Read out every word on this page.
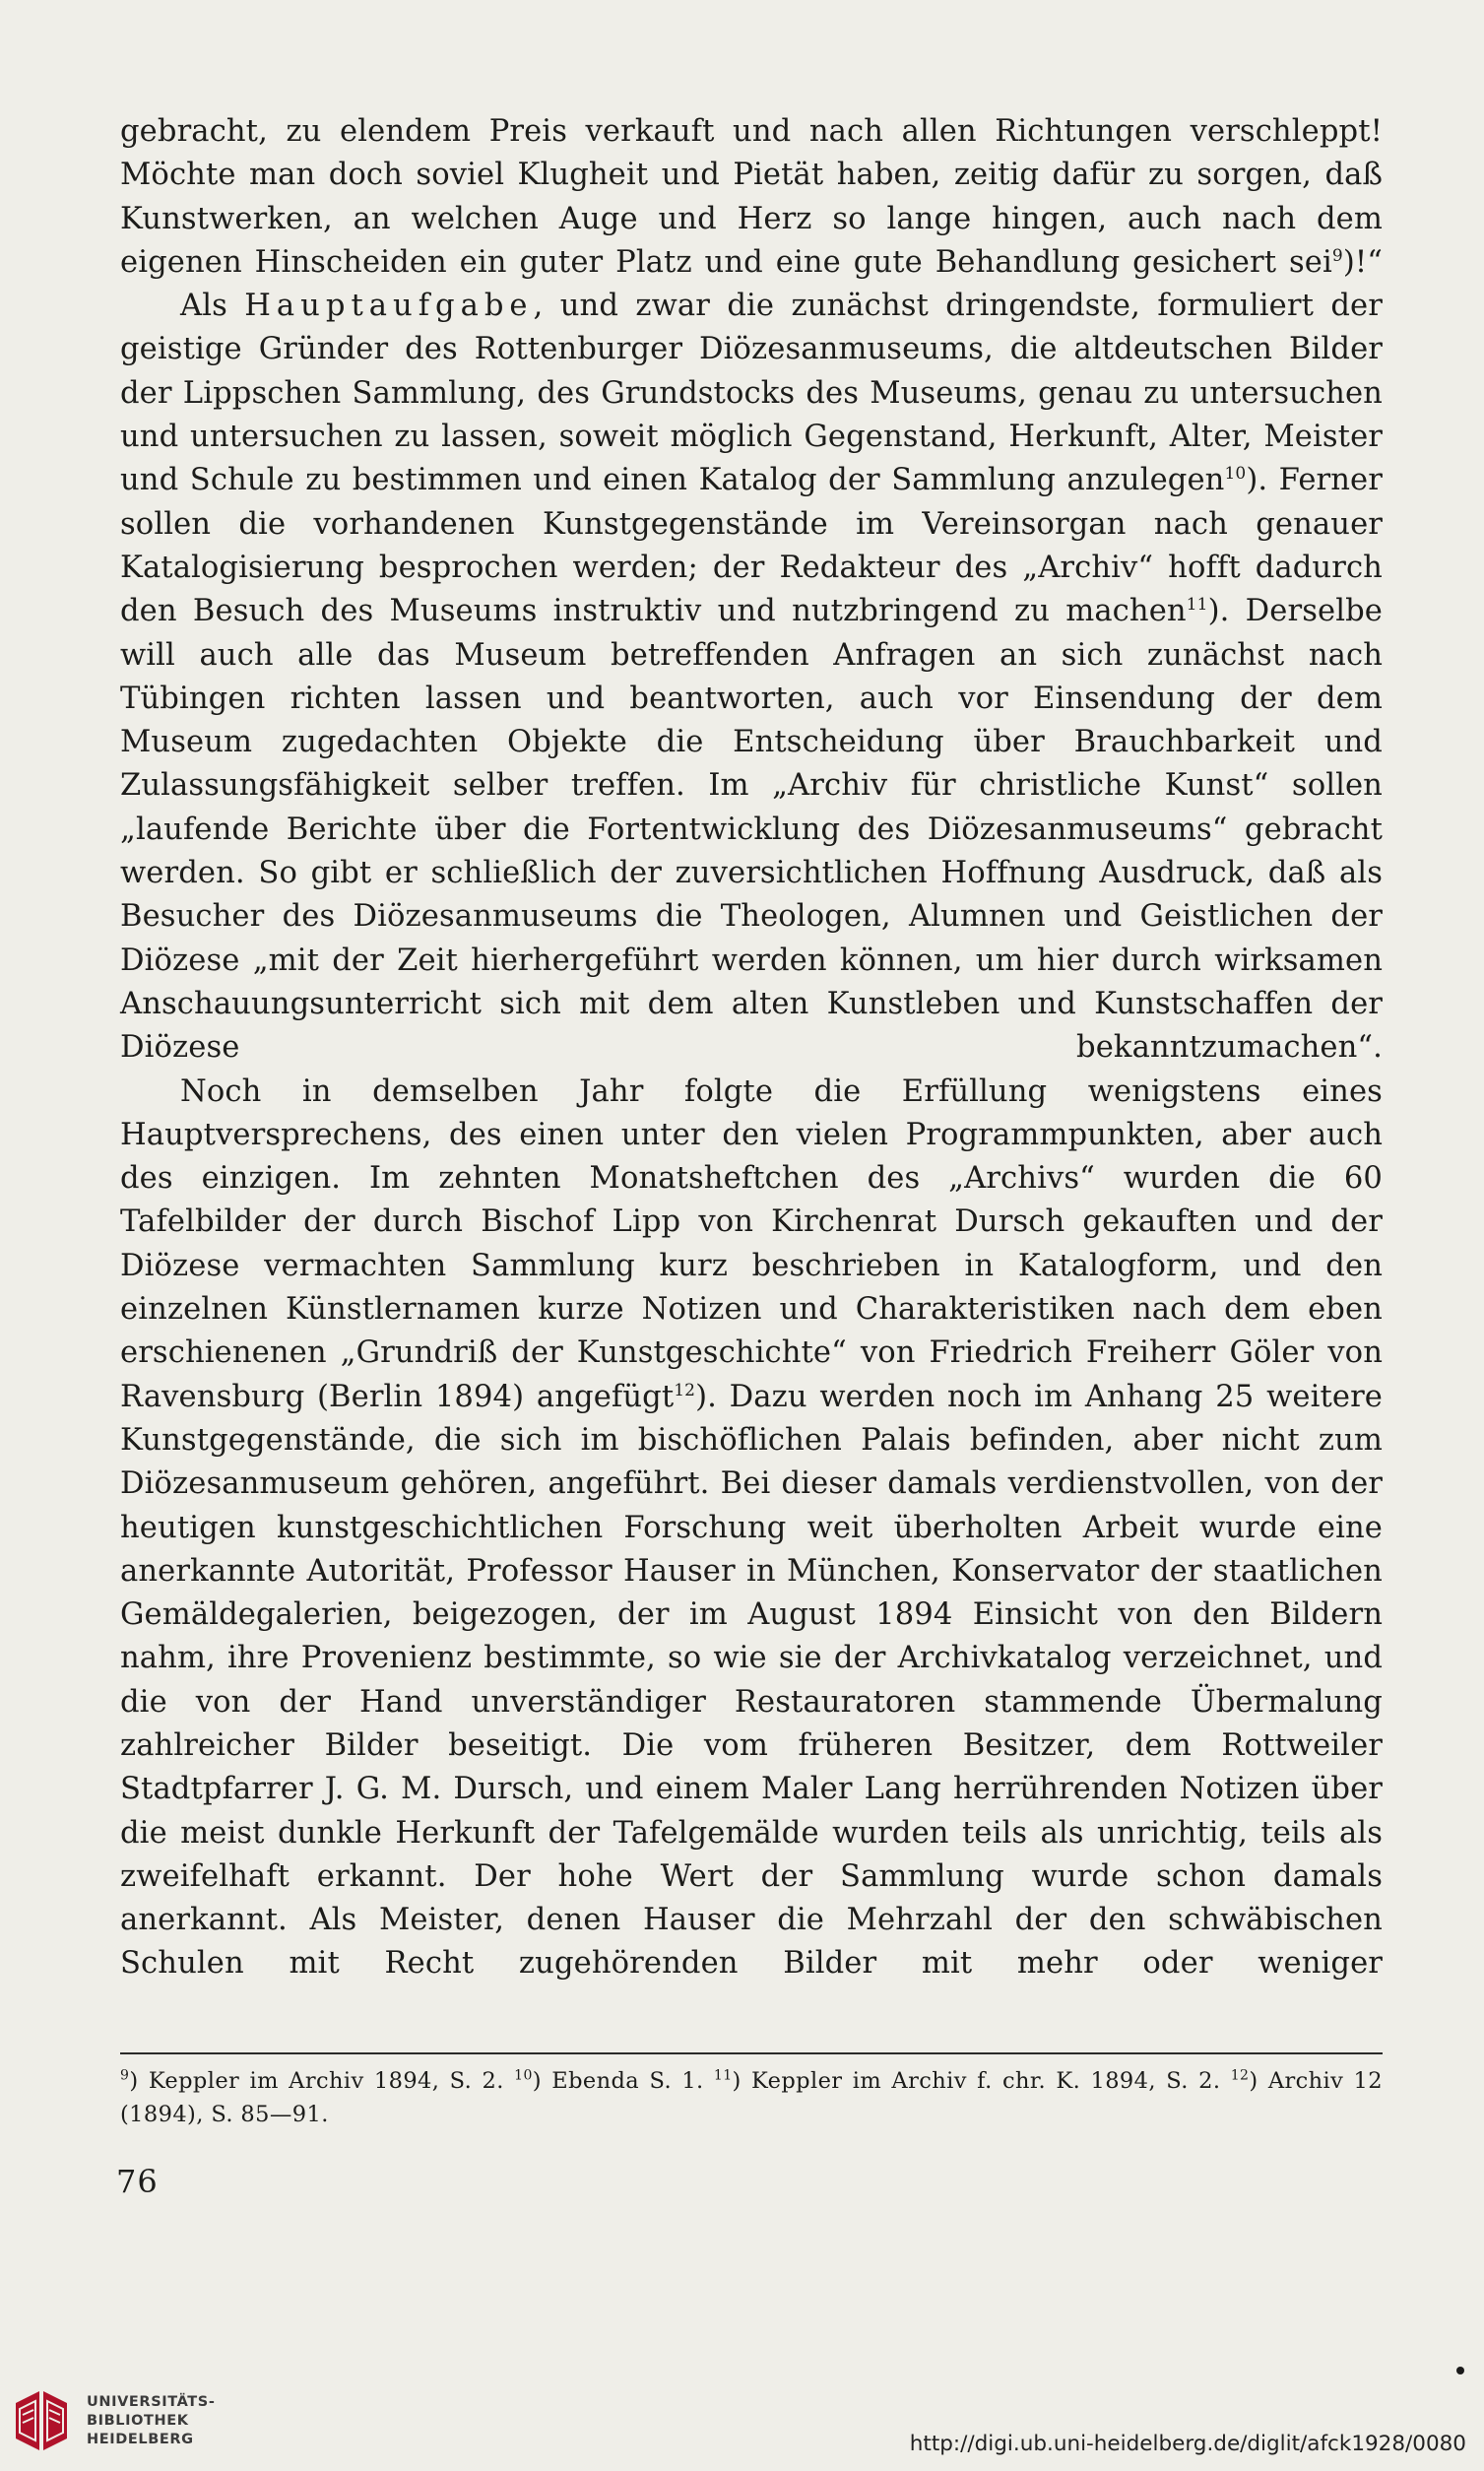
gebracht, zu elendem Preis verkauft und nach allen Richtungen verschleppt! Möchte man doch soviel Klugheit und Pietät haben, zeitig dafür zu sorgen, daß Kunstwerken, an welchen Auge und Herz so lange hingen, auch nach dem eigenen Hinscheiden ein guter Platz und eine gute Behandlung gesichert sei$^9$)!“

Als Hauptaufgabe, und zwar die zunächst dringendste, formuliert der geistige Gründer des Rottenburger Diözesanmuseums, die altdeutschen Bilder der Lippschen Sammlung, des Grundstocks des Museums, genau zu untersuchen und untersuchen zu lassen, soweit möglich Gegenstand, Herkunft, Alter, Meister und Schule zu bestimmen und einen Katalog der Sammlung anzulegen$^{10}$). Ferner sollen die vorhandenen Kunstgegenstände im Vereinsorgan nach genauer Katalogisierung besprochen werden; der Redakteur des „Archiv“ hofft dadurch den Besuch des Museums instruktiv und nutzbringend zu machen$^{11}$). Derselbe will auch alle das Museum betreffenden Anfragen an sich zunächst nach Tübingen richten lassen und beantworten, auch vor Einsendung der dem Museum zugedachten Objekte die Entscheidung über Brauchbarkeit und Zulassungsfähigkeit selber treffen. Im „Archiv für christliche Kunst“ sollen „laufende Berichte über die Fortentwicklung des Diözesanmuseums“ gebracht werden. So gibt er schließlich der zuversichtlichen Hoffnung Ausdruck, daß als Besucher des Diözesanmuseums die Theologen, Alumnen und Geistlichen der Diözese „mit der Zeit hierhergeführt werden können, um hier durch wirksamen Anschauungsunterricht sich mit dem alten Kunstleben und Kunstschaffen der Diözese bekanntzumachen“.

Noch in demselben Jahr folgte die Erfüllung wenigstens eines Hauptversprechens, des einen unter den vielen Programmpunkten, aber auch des einzigen. Im zehnten Monatsheftchen des „Archivs“ wurden die 60 Tafelbilder der durch Bischof Lipp von Kirchenrat Dursch gekauften und der Diözese vermachten Sammlung kurz beschrieben in Katalogform, und den einzelnen Künstlernamen kurze Notizen und Charakteristiken nach dem eben erschienenen „Grundriß der Kunstgeschichte“ von Friedrich Freiherr Göler von Ravensburg (Berlin 1894) angefügt$^{12}$). Dazu werden noch im Anhang 25 weitere Kunstgegenstände, die sich im bischöflichen Palais befinden, aber nicht zum Diözesanmuseum gehören, angeführt. Bei dieser damals verdienstvollen, von der heutigen kunstgeschichtlichen Forschung weit überholten Arbeit wurde eine anerkannte Autorität, Professor Hauser in München, Konservator der staatlichen Gemäldegalerien, beigezogen, der im August 1894 Einsicht von den Bildern nahm, ihre Provenienz bestimmte, so wie sie der Archivkatalog verzeichnet, und die von der Hand unverständiger Restauratoren stammende Übermalung zahlreicher Bilder beseitigt. Die vom früheren Besitzer, dem Rottweiler Stadtpfarrer J. G. M. Dursch, und einem Maler Lang herrührenden Notizen über die meist dunkle Herkunft der Tafelgemälde wurden teils als unrichtig, teils als zweifelhaft erkannt. Der hohe Wert der Sammlung wurde schon damals anerkannt. Als Meister, denen Hauser die Mehrzahl der den schwäbischen Schulen mit Recht zugehörenden Bilder mit mehr oder weniger

$^9$) Keppler im Archiv 1894, S. 2. $^{10}$) Ebenda S. 1. $^{11}$) Keppler im Archiv f. chr. K. 1894, S. 2. $^{12}$) Archiv 12 (1894), S. 85—91.
76
UNIVERSITÄTS-
BIBLIOTHEK
HEIDELBERG	http://digi.ub.uni-heidelberg.de/diglit/afck1928/0080
